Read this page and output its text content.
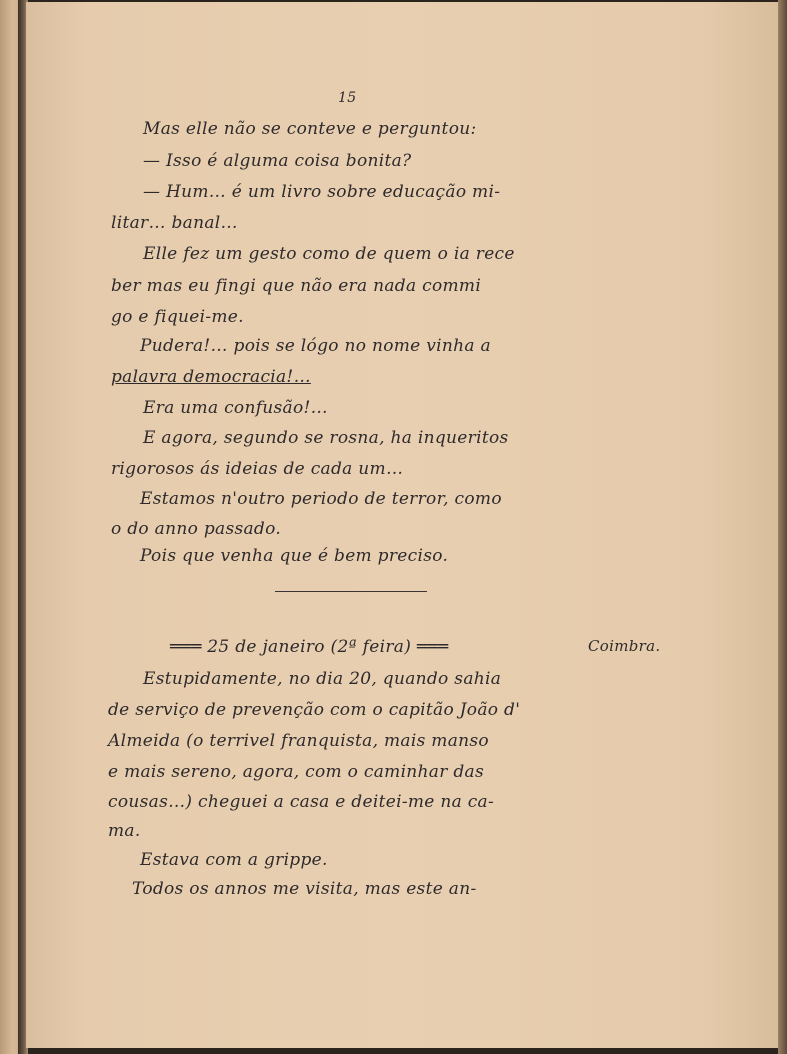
15
Mas elle não se conteve e perguntou:
— Isso é alguma coisa bonita?
— Hum… é um livro sobre educação mi-
litar… banal…
Elle fez um gesto como de quem o ia rece
ber mas eu fingi que não era nada commi
go e fiquei-me.
Pudera!… pois se lógo no nome vinha a
palavra democracia!…
Era uma confusão!…
E agora, segundo se rosna, ha inqueritos
rigorosos ás ideias de cada um…
Estamos n'outro periodo de terror, como
o do anno passado.
Pois que venha que é bem preciso.
═══ 25 de janeiro (2ª feira) ═══	Coimbra.
Estupidamente, no dia 20, quando sahia
de serviço de prevenção com o capitão João d'
Almeida (o terrivel franquista, mais manso
e mais sereno, agora, com o caminhar das
cousas…) cheguei a casa e deitei-me na ca-
ma.
Estava com a grippe.
Todos os annos me visita, mas este an-
